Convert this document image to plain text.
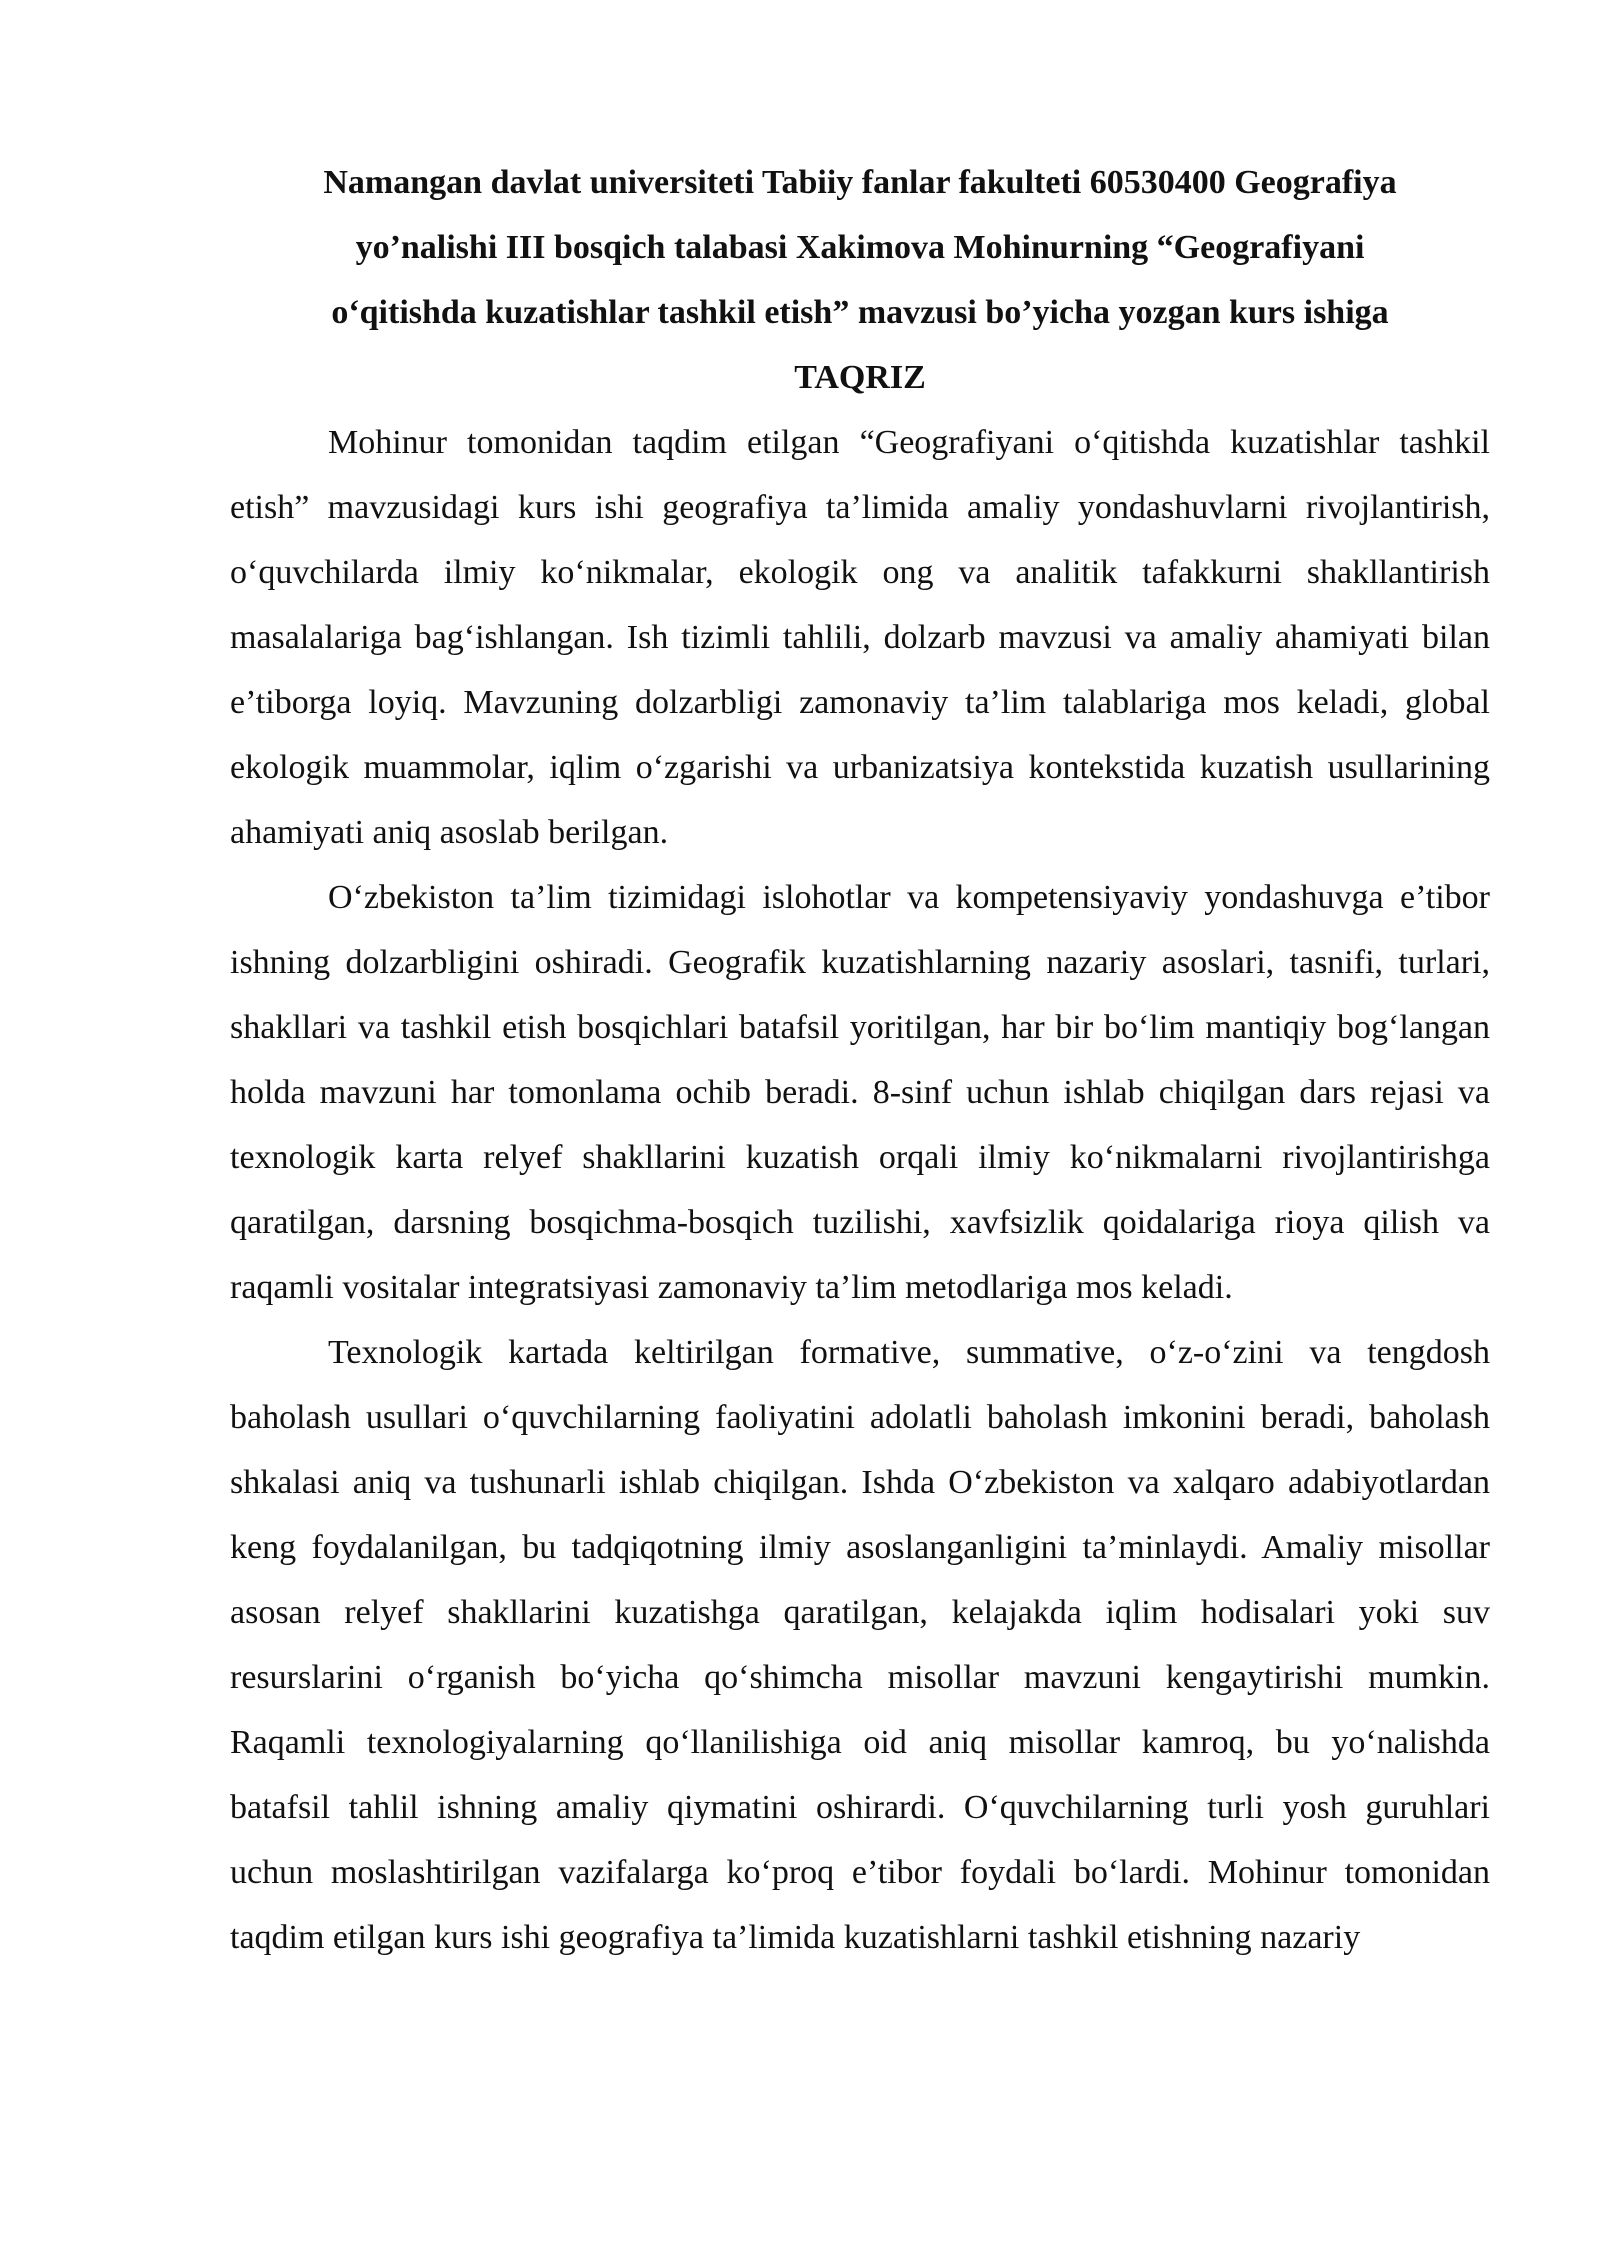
Namangan davlat universiteti Tabiiy fanlar fakulteti 60530400 Geografiya
yo’nalishi III bosqich talabasi Xakimova Mohinurning “Geografiyani
o‘qitishda kuzatishlar tashkil etish” mavzusi bo’yicha yozgan kurs ishiga
TAQRIZ

Mohinur tomonidan taqdim etilgan “Geografiyani o‘qitishda kuzatishlar tashkil etish” mavzusidagi kurs ishi geografiya ta’limida amaliy yondashuvlarni rivojlantirish, o‘quvchilarda ilmiy ko‘nikmalar, ekologik ong va analitik tafakkurni shakllantirish masalalariga bag‘ishlangan. Ish tizimli tahlili, dolzarb mavzusi va amaliy ahamiyati bilan e’tiborga loyiq. Mavzuning dolzarbligi zamonaviy ta’lim talablariga mos keladi, global ekologik muammolar, iqlim o‘zgarishi va urbanizatsiya kontekstida kuzatish usullarining ahamiyati aniq asoslab berilgan.

O‘zbekiston ta’lim tizimidagi islohotlar va kompetensiyaviy yondashuvga e’tibor ishning dolzarbligini oshiradi. Geografik kuzatishlarning nazariy asoslari, tasnifi, turlari, shakllari va tashkil etish bosqichlari batafsil yoritilgan, har bir bo‘lim mantiqiy bog‘langan holda mavzuni har tomonlama ochib beradi. 8-sinf uchun ishlab chiqilgan dars rejasi va texnologik karta relyef shakllarini kuzatish orqali ilmiy ko‘nikmalarni rivojlantirishga qaratilgan, darsning bosqichma-bosqich tuzilishi, xavfsizlik qoidalariga rioya qilish va raqamli vositalar integratsiyasi zamonaviy ta’lim metodlariga mos keladi.

Texnologik kartada keltirilgan formative, summative, o‘z-o‘zini va tengdosh baholash usullari o‘quvchilarning faoliyatini adolatli baholash imkonini beradi, baholash shkalasi aniq va tushunarli ishlab chiqilgan. Ishda O‘zbekiston va xalqaro adabiyotlardan keng foydalanilgan, bu tadqiqotning ilmiy asoslanganligini ta’minlaydi. Amaliy misollar asosan relyef shakllarini kuzatishga qaratilgan, kelajakda iqlim hodisalari yoki suv resurslarini o‘rganish bo‘yicha qo‘shimcha misollar mavzuni kengaytirishi mumkin. Raqamli texnologiyalarning qo‘llanilishiga oid aniq misollar kamroq, bu yo‘nalishda batafsil tahlil ishning amaliy qiymatini oshirardi. O‘quvchilarning turli yosh guruhlari uchun moslashtirilgan vazifalarga ko‘proq e’tibor foydali bo‘lardi. Mohinur tomonidan taqdim etilgan kurs ishi geografiya ta’limida kuzatishlarni tashkil etishning nazariy
